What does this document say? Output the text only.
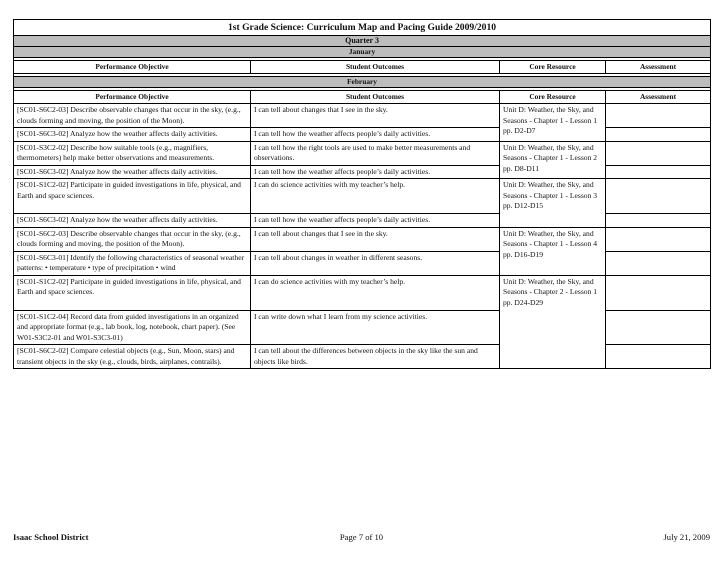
1st Grade Science: Curriculum Map and Pacing Guide 2009/2010			
Quarter 3			
January			

Performance Objective	Student Outcomes	Core Resource	Assessment

February			

Performance Objective	Student Outcomes	Core Resource	Assessment
[SC01-S6C2-03] Describe observable changes that occur in the sky, (e.g., clouds forming and moving, the position of the Moon).	I can tell about changes that I see in the sky.	Unit D: Weather, the Sky, and Seasons - Chapter 1 - Lesson 1 pp. D2-D7	
[SC01-S6C3-02] Analyze how the weather affects daily activities.	I can tell how the weather affects people’s daily activities.		
[SC01-S3C2-02] Describe how suitable tools (e.g., magnifiers, thermometers) help make better observations and measurements.	I can tell how the right tools are used to make better measurements and observations.	Unit D: Weather, the Sky, and Seasons - Chapter 1 - Lesson 2 pp. D8-D11	
[SC01-S6C3-02] Analyze how the weather affects daily activities.	I can tell how the weather affects people’s daily activities.		
[SC01-S1C2-02] Participate in guided investigations in life, physical, and Earth and space sciences.	I can do science activities with my teacher’s help.	Unit D: Weather, the Sky, and Seasons - Chapter 1 - Lesson 3 pp. D12-D15	
[SC01-S6C3-02] Analyze how the weather affects daily activities.	I can tell how the weather affects people’s daily activities.		
[SC01-S6C2-03] Describe observable changes that occur in the sky, (e.g., clouds forming and moving, the position of the Moon).	I can tell about changes that I see in the sky.	Unit D: Weather, the Sky, and Seasons - Chapter 1 - Lesson 4 pp. D16-D19	
[SC01-S6C3-01] Identify the following characteristics of seasonal weather patterns: • temperature • type of precipitation • wind	I can tell about changes in weather in different seasons.		
[SC01-S1C2-02] Participate in guided investigations in life, physical, and Earth and space sciences.	I can do science activities with my teacher’s help.	Unit D: Weather, the Sky, and Seasons - Chapter 2 - Lesson 1 pp. D24-D29	
[SC01-S1C2-04] Record data from guided investigations in an organized and appropriate format (e.g., lab book, log, notebook, chart paper). (See W01-S3C2-01 and W01-S3C3-01)	I can write down what I learn from my science activities.		
[SC01-S6C2-02] Compare celestial objects (e.g., Sun, Moon, stars) and transient objects in the sky (e.g., clouds, birds, airplanes, contrails).	I can tell about the differences between objects in the sky like the sun and objects like birds.		
Isaac School District	Page 7 of 10	July 21, 2009
